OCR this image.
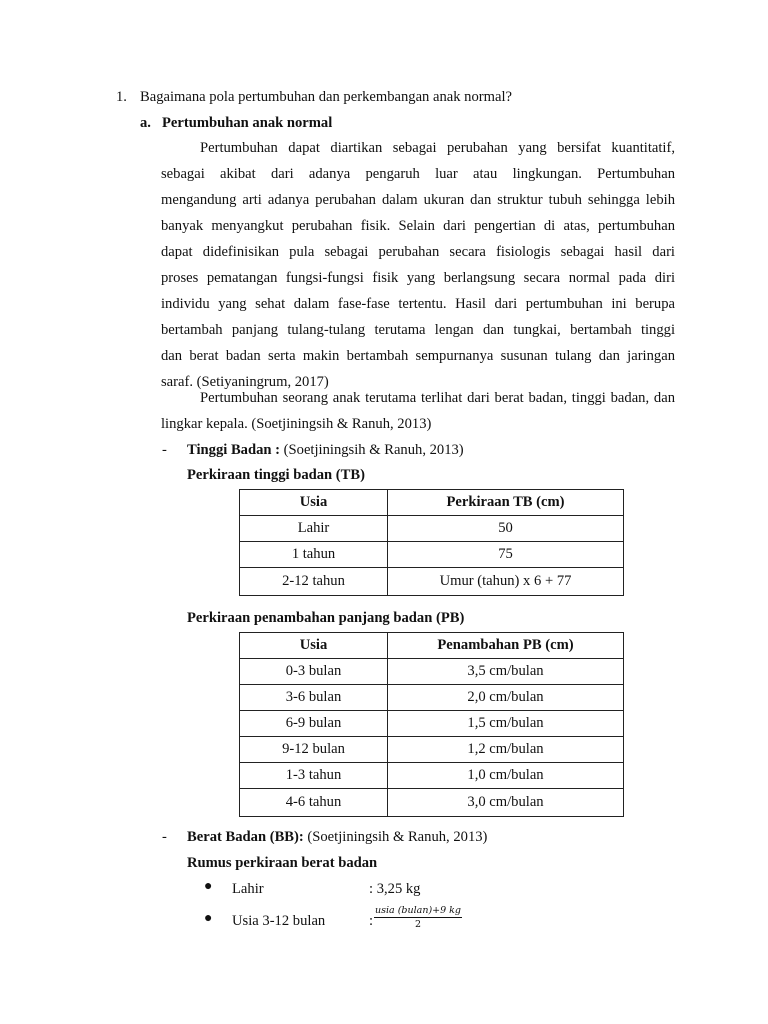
1. Bagaimana pola pertumbuhan dan perkembangan anak normal?
a. Pertumbuhan anak normal
Pertumbuhan dapat diartikan sebagai perubahan yang bersifat kuantitatif,
sebagai akibat dari adanya pengaruh luar atau lingkungan. Pertumbuhan
mengandung arti adanya perubahan dalam ukuran dan struktur tubuh sehingga lebih
banyak menyangkut perubahan fisik. Selain dari pengertian di atas, pertumbuhan
dapat didefinisikan pula sebagai perubahan secara fisiologis sebagai hasil dari
proses pematangan fungsi-fungsi fisik yang berlangsung secara normal pada diri
individu yang sehat dalam fase-fase tertentu. Hasil dari pertumbuhan ini berupa
bertambah panjang tulang-tulang terutama lengan dan tungkai, bertambah tinggi
dan berat badan serta makin bertambah sempurnanya susunan tulang dan jaringan
saraf. (Setiyaningrum, 2017)
Pertumbuhan seorang anak terutama terlihat dari berat badan, tinggi badan, dan
lingkar kepala. (Soetjiningsih & Ranuh, 2013)
- Tinggi Badan : (Soetjiningsih & Ranuh, 2013)
Perkiraan tinggi badan (TB)
Usia	Perkiraan TB (cm)
Lahir	50
1 tahun	75
2-12 tahun	Umur (tahun) x 6 + 77
Perkiraan penambahan panjang badan (PB)
Usia	Penambahan PB (cm)
0-3 bulan	3,5 cm/bulan
3-6 bulan	2,0 cm/bulan
6-9 bulan	1,5 cm/bulan
9-12 bulan	1,2 cm/bulan
1-3 tahun	1,0 cm/bulan
4-6 tahun	3,0 cm/bulan
- Berat Badan (BB): (Soetjiningsih & Ranuh, 2013)
Rumus perkiraan berat badan
● Lahir	: 3,25 kg
● Usia 3-12 bulan	:
usia (bulan)+9 kg
2
